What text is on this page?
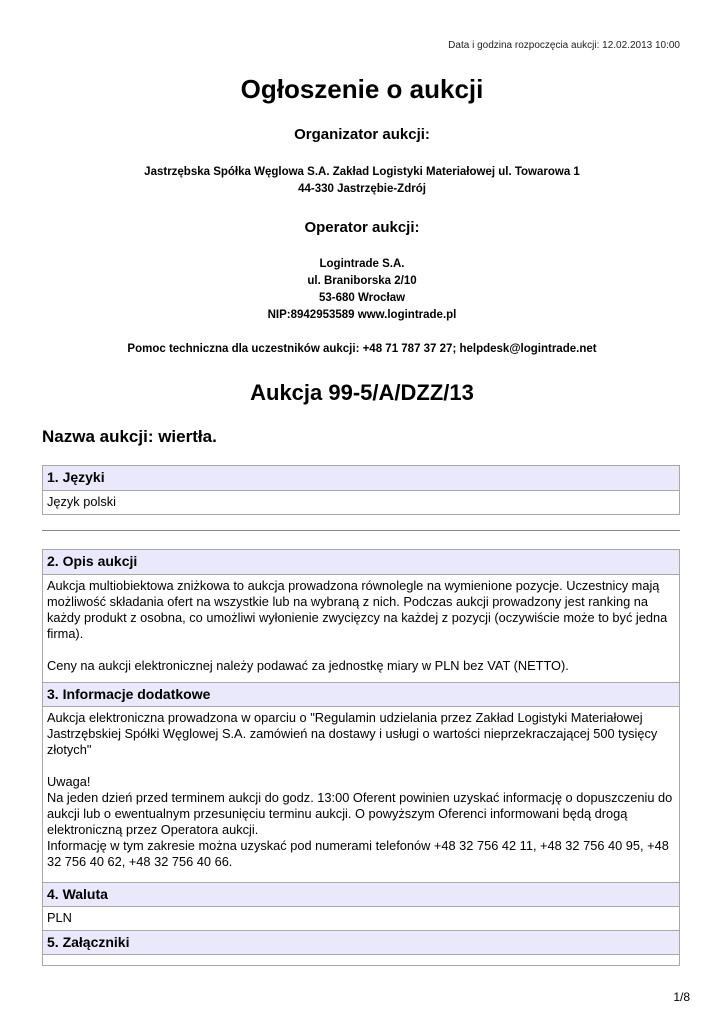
Data i godzina rozpoczęcia aukcji: 12.02.2013 10:00
Ogłoszenie o aukcji
Organizator aukcji:
Jastrzębska Spółka Węglowa S.A. Zakład Logistyki Materiałowej ul. Towarowa 1
44-330 Jastrzębie-Zdrój
Operator aukcji:
Logintrade S.A.
ul. Braniborska 2/10
53-680 Wrocław
NIP:8942953589 www.logintrade.pl
Pomoc techniczna dla uczestników aukcji: +48 71 787 37 27; helpdesk@logintrade.net
Aukcja 99-5/A/DZZ/13
Nazwa aukcji: wiertła.
1. Języki
Język polski
2. Opis aukcji

Aukcja multiobiektowa zniżkowa to aukcja prowadzona równolegle na wymienione pozycje. Uczestnicy mają możliwość składania ofert na wszystkie lub na wybraną z nich. Podczas aukcji prowadzony jest ranking na każdy produkt z osobna, co umożliwi wyłonienie zwycięzcy na każdej z pozycji (oczywiście może to być jedna firma).

Ceny na aukcji elektronicznej należy podawać za jednostkę miary w PLN bez VAT (NETTO).

3. Informacje dodatkowe

Aukcja elektroniczna prowadzona w oparciu o "Regulamin udzielania przez Zakład Logistyki Materiałowej Jastrzębskiej Spółki Węglowej S.A. zamówień na dostawy i usługi o wartości nieprzekraczającej 500 tysięcy złotych"

Uwaga!
Na jeden dzień przed terminem aukcji do godz. 13:00 Oferent powinien uzyskać informację o dopuszczeniu do aukcji lub o ewentualnym przesunięciu terminu aukcji. O powyższym Oferenci informowani będą drogą elektroniczną przez Operatora aukcji.
Informację w tym zakresie można uzyskać pod numerami telefonów +48 32 756 42 11, +48 32 756 40 95, +48 32 756 40 62, +48 32 756 40 66.

4. Waluta
PLN
5. Załączniki
1/8
